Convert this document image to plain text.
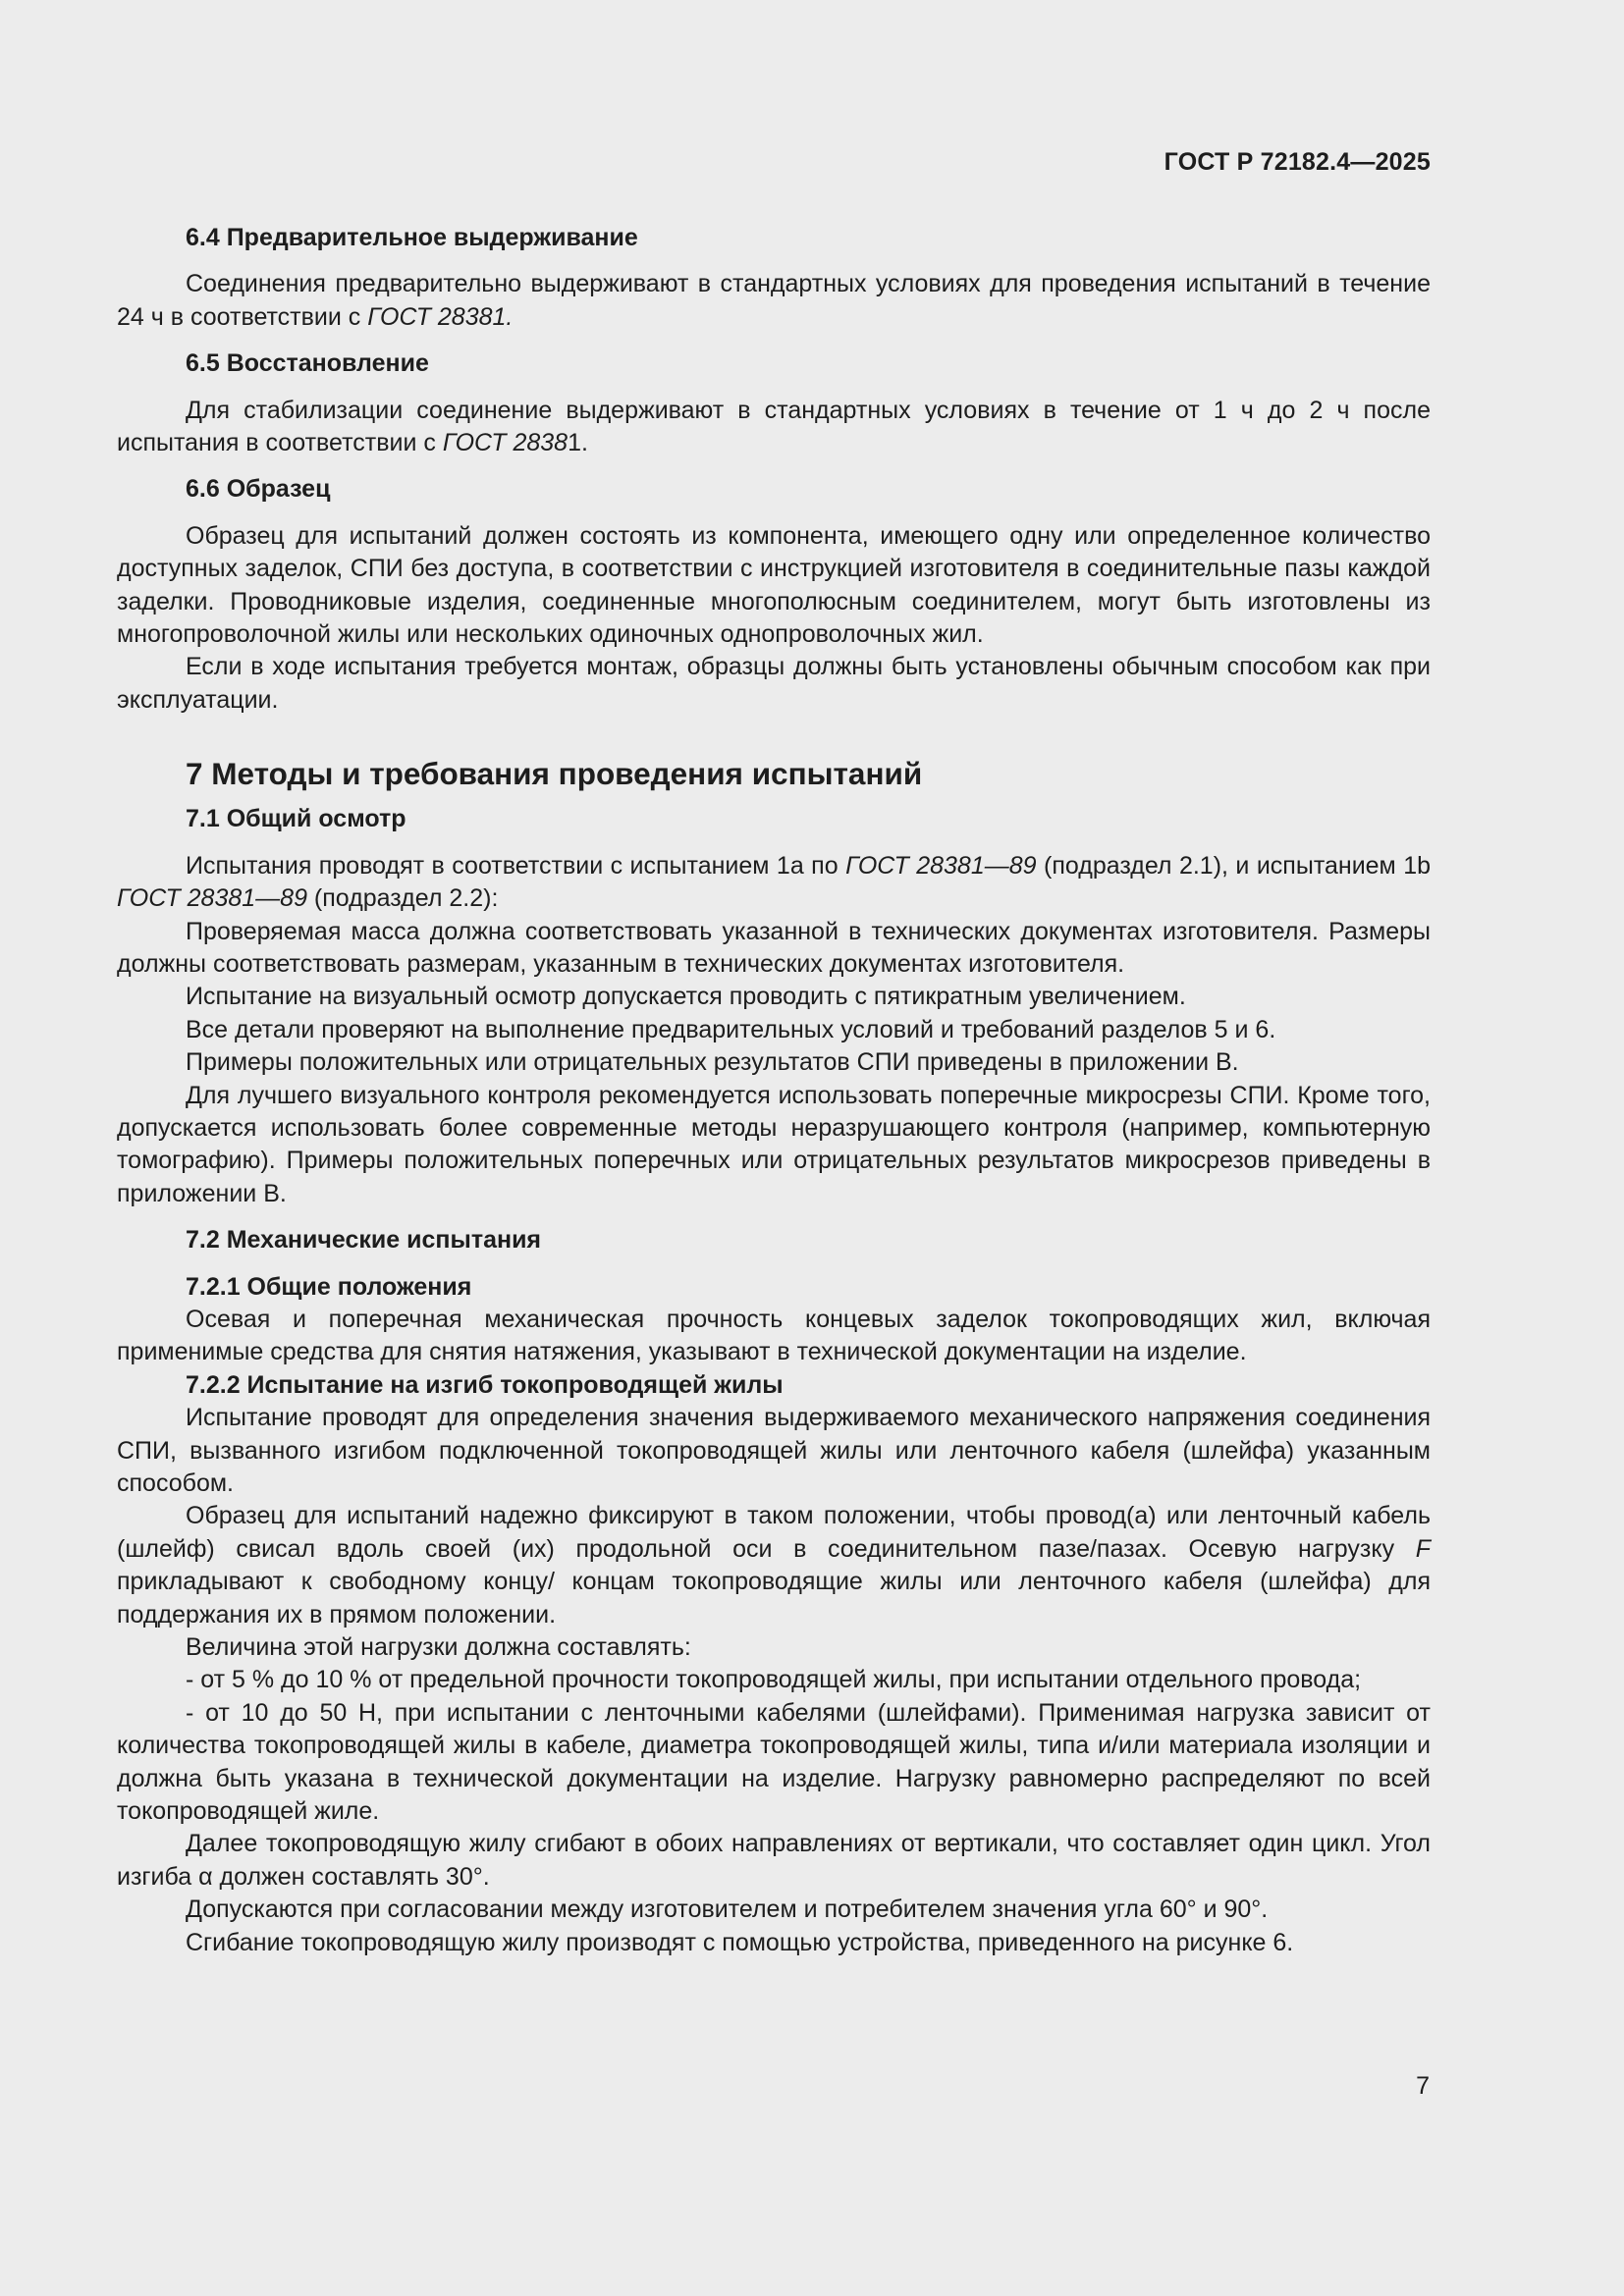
ГОСТ Р 72182.4—2025

6.4 Предварительное выдерживание

Соединения предварительно выдерживают в стандартных условиях для проведения испытаний в течение 24 ч в соответствии с ГОСТ 28381.

6.5 Восстановление

Для стабилизации соединение выдерживают в стандартных условиях в течение от 1 ч до 2 ч после испытания в соответствии с ГОСТ 28381.

6.6 Образец

Образец для испытаний должен состоять из компонента, имеющего одну или определенное количество доступных заделок, СПИ без доступа, в соответствии с инструкцией изготовителя в соединительные пазы каждой заделки. Проводниковые изделия, соединенные многополюсным соединителем, могут быть изготовлены из многопроволочной жилы или нескольких одиночных однопроволочных жил.

Если в ходе испытания требуется монтаж, образцы должны быть установлены обычным способом как при эксплуатации.

7 Методы и требования проведения испытаний

7.1 Общий осмотр

Испытания проводят в соответствии с испытанием 1а по ГОСТ 28381—89 (подраздел 2.1), и испытанием 1b ГОСТ 28381—89 (подраздел 2.2):

Проверяемая масса должна соответствовать указанной в технических документах изготовителя. Размеры должны соответствовать размерам, указанным в технических документах изготовителя.

Испытание на визуальный осмотр допускается проводить с пятикратным увеличением.

Все детали проверяют на выполнение предварительных условий и требований разделов 5 и 6.

Примеры положительных или отрицательных результатов СПИ приведены в приложении В.

Для лучшего визуального контроля рекомендуется использовать поперечные микросрезы СПИ. Кроме того, допускается использовать более современные методы неразрушающего контроля (например, компьютерную томографию). Примеры положительных поперечных или отрицательных результатов микросрезов приведены в приложении В.

7.2 Механические испытания

7.2.1 Общие положения

Осевая и поперечная механическая прочность концевых заделок токопроводящих жил, включая применимые средства для снятия натяжения, указывают в технической документации на изделие.

7.2.2 Испытание на изгиб токопроводящей жилы

Испытание проводят для определения значения выдерживаемого механического напряжения соединения СПИ, вызванного изгибом подключенной токопроводящей жилы или ленточного кабеля (шлейфа) указанным способом.

Образец для испытаний надежно фиксируют в таком положении, чтобы провод(а) или ленточный кабель (шлейф) свисал вдоль своей (их) продольной оси в соединительном пазе/пазах. Осевую нагрузку F прикладывают к свободному концу/ концам токопроводящие жилы или ленточного кабеля (шлейфа) для поддержания их в прямом положении.

Величина этой нагрузки должна составлять:

- от 5 % до 10 % от предельной прочности токопроводящей жилы, при испытании отдельного провода;

- от 10 до 50 Н, при испытании с ленточными кабелями (шлейфами). Применимая нагрузка зависит от количества токопроводящей жилы в кабеле, диаметра токопроводящей жилы, типа и/или материала изоляции и должна быть указана в технической документации на изделие. Нагрузку равномерно распределяют по всей токопроводящей жиле.

Далее токопроводящую жилу сгибают в обоих направлениях от вертикали, что составляет один цикл. Угол изгиба α должен составлять 30°.

Допускаются при согласовании между изготовителем и потребителем значения угла 60° и 90°.

Сгибание токопроводящую жилу производят с помощью устройства, приведенного на рисунке 6.

7
